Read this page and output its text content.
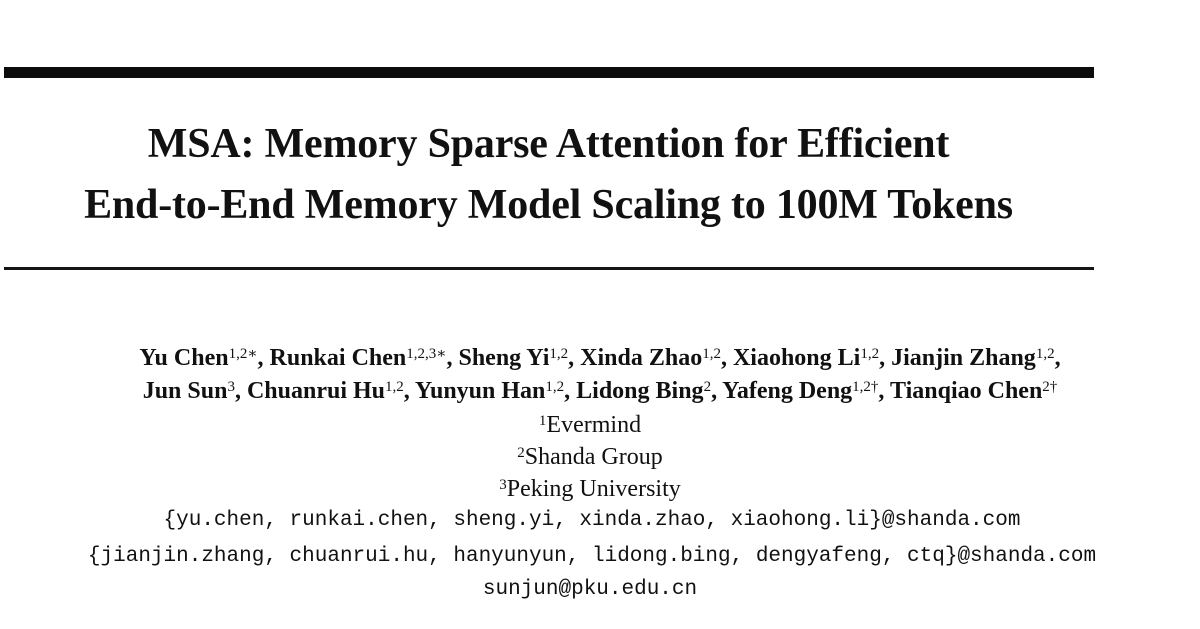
MSA: Memory Sparse Attention for Efficient
End-to-End Memory Model Scaling to 100M Tokens
Yu Chen$^{1,2∗}$, Runkai Chen$^{1,2,3∗}$, Sheng Yi$^{1,2}$, Xinda Zhao$^{1,2}$, Xiaohong Li$^{1,2}$, Jianjin Zhang$^{1,2}$,
Jun Sun$^3$, Chuanrui Hu$^{1,2}$, Yunyun Han$^{1,2}$, Lidong Bing$^2$, Yafeng Deng$^{1,2\dagger}$, Tianqiao Chen$^{2\dagger}$
$^1$Evermind
$^2$Shanda Group
$^3$Peking University
{yu.chen, runkai.chen, sheng.yi, xinda.zhao, xiaohong.li}@shanda.com
{jianjin.zhang, chuanrui.hu, hanyunyun, lidong.bing, dengyafeng, ctq}@shanda.com
sunjun@pku.edu.cn
